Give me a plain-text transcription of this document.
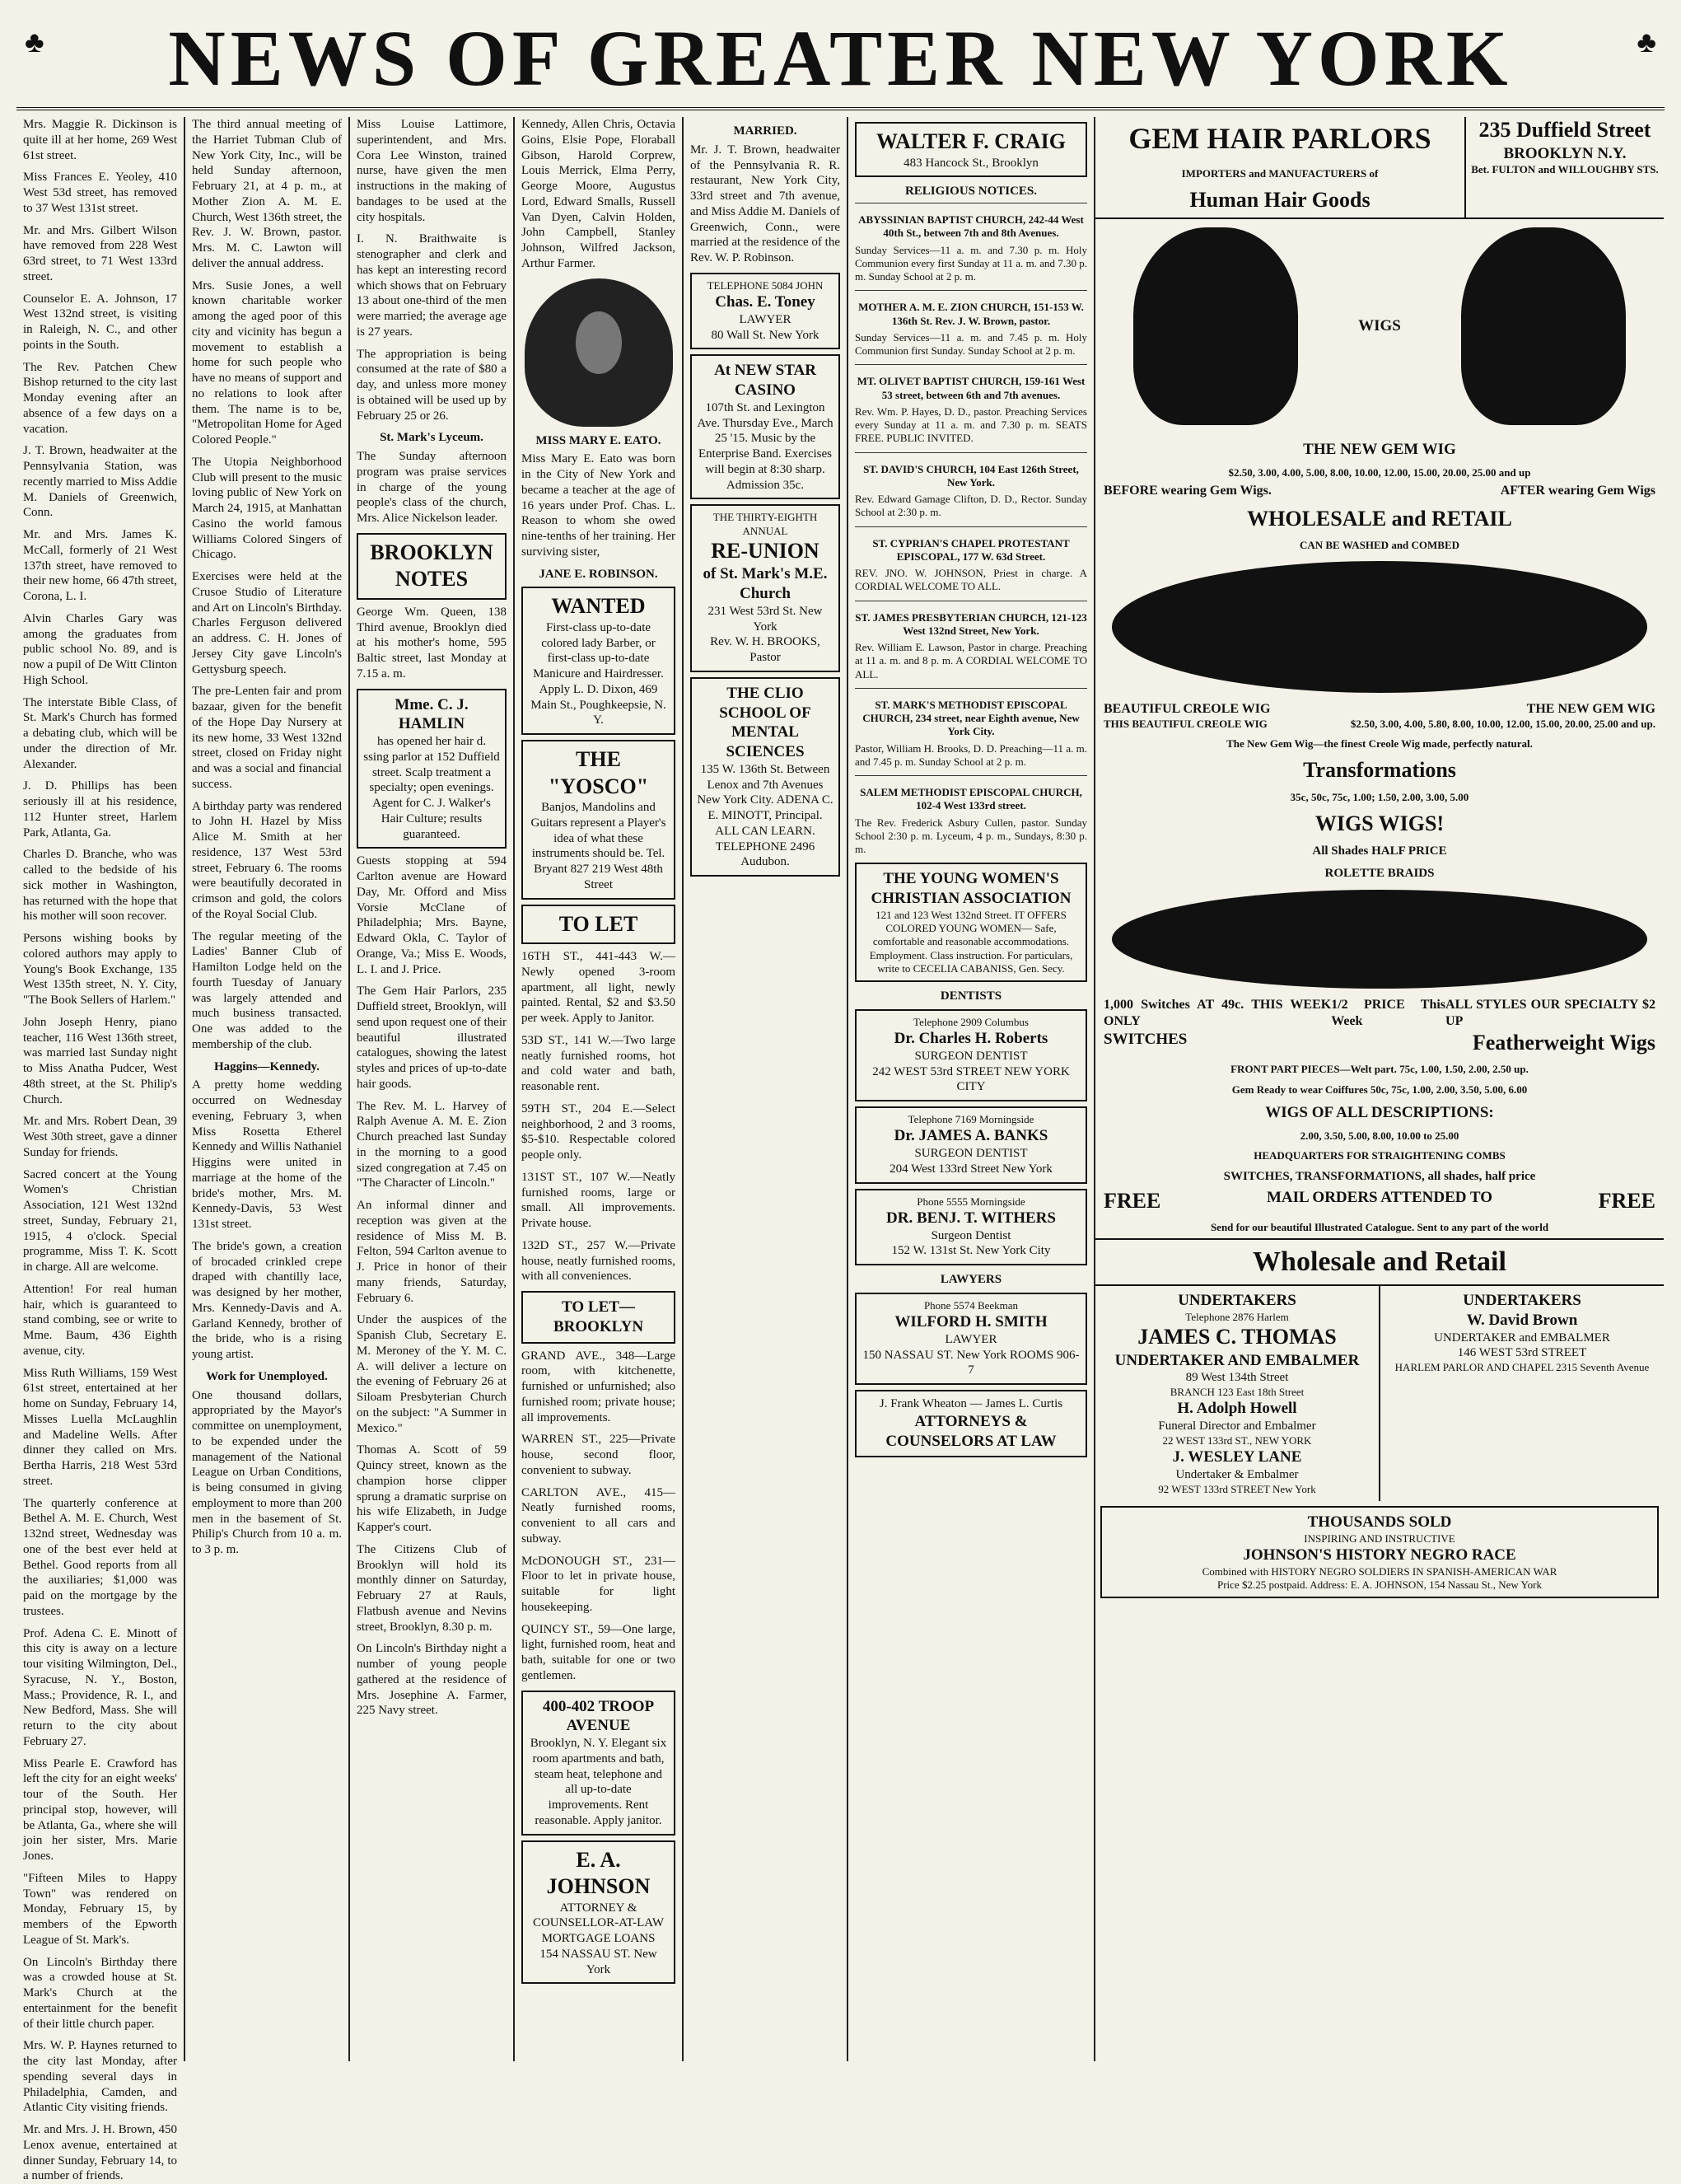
♣ NEWS OF GREATER NEW YORK	♣

Mrs. Maggie R. Dickinson is quite ill at her home, 269 West 61st street.

Miss Frances E. Yeoley, 410 West 53d street, has removed to 37 West 131st street.

Mr. and Mrs. Gilbert Wilson have removed from 228 West 63rd street, to 71 West 133rd street.

Counselor E. A. Johnson, 17 West 132nd street, is visiting in Raleigh, N. C., and other points in the South.

The Rev. Patchen Chew Bishop returned to the city last Monday evening after an absence of a few days on a vacation.

J. T. Brown, headwaiter at the Pennsylvania Station, was recently married to Miss Addie M. Daniels of Greenwich, Conn.

Mr. and Mrs. James K. McCall, formerly of 21 West 137th street, have removed to their new home, 66 47th street, Corona, L. I.

Alvin Charles Gary was among the graduates from public school No. 89, and is now a pupil of De Witt Clinton High School.

The interstate Bible Class, of St. Mark's Church has formed a debating club, which will be under the direction of Mr. Alexander.

J. D. Phillips has been seriously ill at his residence, 112 Hunter street, Harlem Park, Atlanta, Ga.

Charles D. Branche, who was called to the bedside of his sick mother in Washington, has returned with the hope that his mother will soon recover.

Persons wishing books by colored authors may apply to Young's Book Exchange, 135 West 135th street, N. Y. City, "The Book Sellers of Harlem."

John Joseph Henry, piano teacher, 116 West 136th street, was married last Sunday night to Miss Anatha Pudcer, West 48th street, at the St. Philip's Church.

Mr. and Mrs. Robert Dean, 39 West 30th street, gave a dinner Sunday for friends.

Sacred concert at the Young Women's Christian Association, 121 West 132nd street, Sunday, February 21, 1915, 4 o'clock. Special programme, Miss T. K. Scott in charge. All are welcome.

Attention! For real human hair, which is guaranteed to stand combing, see or write to Mme. Baum, 436 Eighth avenue, city.

Miss Ruth Williams, 159 West 61st street, entertained at her home on Sunday, February 14, Misses Luella McLaughlin and Madeline Wells. After dinner they called on Mrs. Bertha Harris, 218 West 53rd street.

The quarterly conference at Bethel A. M. E. Church, West 132nd street, Wednesday was one of the best ever held at Bethel. Good reports from all the auxiliaries; $1,000 was paid on the mortgage by the trustees.

Prof. Adena C. E. Minott of this city is away on a lecture tour visiting Wilmington, Del., Syracuse, N. Y., Boston, Mass.; Providence, R. I., and New Bedford, Mass. She will return to the city about February 27.

Miss Pearle E. Crawford has left the city for an eight weeks' tour of the South. Her principal stop, however, will be Atlanta, Ga., where she will join her sister, Mrs. Marie Jones.

"Fifteen Miles to Happy Town" was rendered on Monday, February 15, by members of the Epworth League of St. Mark's.

On Lincoln's Birthday there was a crowded house at St. Mark's Church at the entertainment for the benefit of their little church paper.

Mrs. W. P. Haynes returned to the city last Monday, after spending several days in Philadelphia, Camden, and Atlantic City visiting friends.

Mr. and Mrs. J. H. Brown, 450 Lenox avenue, entertained at dinner Sunday, February 14, to a number of friends.

The third annual meeting of the Harriet Tubman Club of New York City, Inc., will be held Sunday afternoon, February 21, at 4 p. m., at Mother Zion A. M. E. Church, West 136th street, the Rev. J. W. Brown, pastor. Mrs. M. C. Lawton will deliver the annual address.

Mrs. Susie Jones, a well known charitable worker among the aged poor of this city and vicinity has begun a movement to establish a home for such people who have no means of support and no relations to look after them. The name is to be, "Metropolitan Home for Aged Colored People."

The Utopia Neighborhood Club will present to the music loving public of New York on March 24, 1915, at Manhattan Casino the world famous Williams Colored Singers of Chicago.

Exercises were held at the Crusoe Studio of Literature and Art on Lincoln's Birthday. Charles Ferguson delivered an address. C. H. Jones of Jersey City gave Lincoln's Gettysburg speech.

The pre-Lenten fair and prom bazaar, given for the benefit of the Hope Day Nursery at its new home, 33 West 132nd street, closed on Friday night and was a social and financial success.

A birthday party was rendered to John H. Hazel by Miss Alice M. Smith at her residence, 137 West 53rd street, February 6. The rooms were beautifully decorated in crimson and gold, the colors of the Royal Social Club.

The regular meeting of the Ladies' Banner Club of Hamilton Lodge held on the fourth Tuesday of January was largely attended and much business transacted. One was added to the membership of the club.

Haggins—Kennedy.

A pretty home wedding occurred on Wednesday evening, February 3, when Miss Rosetta Etherel Kennedy and Willis Nathaniel Higgins were united in marriage at the home of the bride's mother, Mrs. M. Kennedy-Davis, 53 West 131st street.

The bride's gown, a creation of brocaded crinkled crepe draped with chantilly lace, was designed by her mother, Mrs. Kennedy-Davis and A. Garland Kennedy, brother of the bride, who is a rising young artist.

Work for Unemployed.

One thousand dollars, appropriated by the Mayor's committee on unemployment, to be expended under the management of the National League on Urban Conditions, is being consumed in giving employment to more than 200 men in the basement of St. Philip's Church from 10 a. m. to 3 p. m.

Miss Louise Lattimore, superintendent, and Mrs. Cora Lee Winston, trained nurse, have given the men instructions in the making of bandages to be used at the city hospitals.

I. N. Braithwaite is stenographer and clerk and has kept an interesting record which shows that on February 13 about one-third of the men were married; the average age is 27 years.

The appropriation is being consumed at the rate of $80 a day, and unless more money is obtained will be used up by February 25 or 26.

St. Mark's Lyceum.

The Sunday afternoon program was praise services in charge of the young people's class of the church, Mrs. Alice Nickelson leader.

BROOKLYN NOTES

George Wm. Queen, 138 Third avenue, Brooklyn died at his mother's home, 595 Baltic street, last Monday at 7.15 a. m.

Mme. C. J. HAMLIN
has opened her hair d. ssing parlor at 152 Duffield street. Scalp treatment a specialty; open evenings. Agent for C. J. Walker's Hair Culture; results guaranteed.

Guests stopping at 594 Carlton avenue are Howard Day, Mr. Offord and Miss Vorsie McClane of Philadelphia; Mrs. Bayne, Edward Okla, C. Taylor of Orange, Va.; Miss E. Woods, L. I. and J. Price.

The Gem Hair Parlors, 235 Duffield street, Brooklyn, will send upon request one of their beautiful illustrated catalogues, showing the latest styles and prices of up-to-date hair goods.

The Rev. M. L. Harvey of Ralph Avenue A. M. E. Zion Church preached last Sunday in the morning to a good sized congregation at 7.45 on "The Character of Lincoln."

An informal dinner and reception was given at the residence of Miss M. B. Felton, 594 Carlton avenue to J. Price in honor of their many friends, Saturday, February 6.

Under the auspices of the Spanish Club, Secretary E. M. Meroney of the Y. M. C. A. will deliver a lecture on the evening of February 26 at Siloam Presbyterian Church on the subject: "A Summer in Mexico."

Thomas A. Scott of 59 Quincy street, known as the champion horse clipper sprung a dramatic surprise on his wife Elizabeth, in Judge Kapper's court.

The Citizens Club of Brooklyn will hold its monthly dinner on Saturday, February 27 at Rauls, Flatbush avenue and Nevins street, Brooklyn, 8.30 p. m.

On Lincoln's Birthday night a number of young people gathered at the residence of Mrs. Josephine A. Farmer, 225 Navy street.

Kennedy, Allen Chris, Octavia Goins, Elsie Pope, Floraball Gibson, Harold Corprew, Louis Merrick, Elma Perry, George Moore, Augustus Lord, Edward Smalls, Russell Van Dyen, Calvin Holden, John Campbell, Stanley Johnson, Wilfred Jackson, Arthur Farmer.

MISS MARY E. EATO.

Miss Mary E. Eato was born in the City of New York and became a teacher at the age of 16 years under Prof. Chas. L. Reason to whom she owed nine-tenths of her training. Her surviving sister,

JANE E. ROBINSON.
WANTED
First-class up-to-date colored lady Barber, or first-class up-to-date Manicure and Hairdresser. Apply L. D. Dixon, 469 Main St., Poughkeepsie, N. Y.
THE "YOSCO"
Banjos, Mandolins and Guitars represent a Player's idea of what these instruments should be. Tel. Bryant 827 219 West 48th Street
TO LET

16TH ST., 441-443 W.—Newly opened 3-room apartment, all light, newly painted. Rental, $2 and $3.50 per week. Apply to Janitor.

53D ST., 141 W.—Two large neatly furnished rooms, hot and cold water and bath, reasonable rent.

59TH ST., 204 E.—Select neighborhood, 2 and 3 rooms, $5-$10. Respectable colored people only.

131ST ST., 107 W.—Neatly furnished rooms, large or small. All improvements. Private house.

132D ST., 257 W.—Private house, neatly furnished rooms, with all conveniences.

TO LET—BROOKLYN

GRAND AVE., 348—Large room, with kitchenette, furnished or unfurnished; also furnished room; private house; all improvements.

WARREN ST., 225—Private house, second floor, convenient to subway.

CARLTON AVE., 415—Neatly furnished rooms, convenient to all cars and subway.

McDONOUGH ST., 231—Floor to let in private house, suitable for light housekeeping.

QUINCY ST., 59—One large, light, furnished room, heat and bath, suitable for one or two gentlemen.

400-402 TROOP AVENUE
Brooklyn, N. Y. Elegant six room apartments and bath, steam heat, telephone and all up-to-date improvements. Rent reasonable. Apply janitor.
E. A. JOHNSON
ATTORNEY & COUNSELLOR-AT-LAW
MORTGAGE LOANS
154 NASSAU ST. New York
MARRIED.

Mr. J. T. Brown, headwaiter of the Pennsylvania R. R. restaurant, New York City, 33rd street and 7th avenue, and Miss Addie M. Daniels of Greenwich, Conn., were married at the residence of the Rev. W. P. Robinson.

TELEPHONE 5084 JOHN
Chas. E. Toney
LAWYER
80 Wall St. New York
At NEW STAR CASINO
107th St. and Lexington Ave. Thursday Eve., March 25 '15. Music by the Enterprise Band. Exercises will begin at 8:30 sharp. Admission 35c.
THE THIRTY-EIGHTH ANNUAL
RE-UNION
of St. Mark's M.E. Church
231 West 53rd St. New York
Rev. W. H. BROOKS, Pastor
THE CLIO SCHOOL OF MENTAL SCIENCES
135 W. 136th St. Between Lenox and 7th Avenues New York City. ADENA C. E. MINOTT, Principal. ALL CAN LEARN. TELEPHONE 2496 Audubon.
WALTER F. CRAIG
483 Hancock St., Brooklyn
RELIGIOUS NOTICES.
ABYSSINIAN BAPTIST CHURCH, 242-44 West 40th St., between 7th and 8th Avenues.

Sunday Services—11 a. m. and 7.30 p. m. Holy Communion every first Sunday at 11 a. m. and 7.30 p. m. Sunday School at 2 p. m.

MOTHER A. M. E. ZION CHURCH, 151-153 W. 136th St. Rev. J. W. Brown, pastor.

Sunday Services—11 a. m. and 7.45 p. m. Holy Communion first Sunday. Sunday School at 2 p. m.

MT. OLIVET BAPTIST CHURCH, 159-161 West 53 street, between 6th and 7th avenues.

Rev. Wm. P. Hayes, D. D., pastor. Preaching Services every Sunday at 11 a. m. and 7.30 p. m. SEATS FREE. PUBLIC INVITED.

ST. DAVID'S CHURCH, 104 East 126th Street, New York.

Rev. Edward Gamage Clifton, D. D., Rector. Sunday School at 2:30 p. m.

ST. CYPRIAN'S CHAPEL PROTESTANT EPISCOPAL, 177 W. 63d Street.

REV. JNO. W. JOHNSON, Priest in charge. A CORDIAL WELCOME TO ALL.

ST. JAMES PRESBYTERIAN CHURCH, 121-123 West 132nd Street, New York.

Rev. William E. Lawson, Pastor in charge. Preaching at 11 a. m. and 8 p. m. A CORDIAL WELCOME TO ALL.

ST. MARK'S METHODIST EPISCOPAL CHURCH, 234 street, near Eighth avenue, New York City.

Pastor, William H. Brooks, D. D. Preaching—11 a. m. and 7.45 p. m. Sunday School at 2 p. m.

SALEM METHODIST EPISCOPAL CHURCH, 102-4 West 133rd street.

The Rev. Frederick Asbury Cullen, pastor. Sunday School 2:30 p. m. Lyceum, 4 p. m., Sundays, 8:30 p. m.

THE YOUNG WOMEN'S CHRISTIAN ASSOCIATION
121 and 123 West 132nd Street. IT OFFERS COLORED YOUNG WOMEN— Safe, comfortable and reasonable accommodations. Employment. Class instruction. For particulars, write to CECELIA CABANISS, Gen. Secy.
DENTISTS
Telephone 2909 Columbus
Dr. Charles H. Roberts
SURGEON DENTIST
242 WEST 53rd STREET NEW YORK CITY
Telephone 7169 Morningside
Dr. JAMES A. BANKS
SURGEON DENTIST
204 West 133rd Street New York
Phone 5555 Morningside
DR. BENJ. T. WITHERS
Surgeon Dentist
152 W. 131st St. New York City
LAWYERS
Phone 5574 Beekman
WILFORD H. SMITH
LAWYER
150 NASSAU ST. New York ROOMS 906-7
J. Frank Wheaton — James L. Curtis
ATTORNEYS & COUNSELORS AT LAW
GEM HAIR PARLORS
IMPORTERS and MANUFACTURERS of
Human Hair Goods
235 Duffield Street
BROOKLYN N.Y.
Bet. FULTON and WILLOUGHBY STS.
WIGS
THE NEW GEM WIG
$2.50, 3.00, 4.00, 5.00, 8.00, 10.00, 12.00, 15.00, 20.00, 25.00 and up
BEFORE wearing Gem Wigs.	AFTER wearing Gem Wigs
WHOLESALE and RETAIL
CAN BE WASHED and COMBED
BEAUTIFUL CREOLE WIG	THE NEW GEM WIG
THIS BEAUTIFUL CREOLE WIG	$2.50, 3.00, 4.00, 5.80, 8.00, 10.00, 12.00, 15.00, 20.00, 25.00 and up.
The New Gem Wig—the finest Creole Wig made, perfectly natural.
Transformations
35c, 50c, 75c, 1.00; 1.50, 2.00, 3.00, 5.00
WIGS WIGS!
All Shades HALF PRICE
ROLETTE BRAIDS
1,000 Switches AT 49c. THIS WEEK ONLY
1/2 PRICE This Week
ALL STYLES OUR SPECIALTY $2 UP
SWITCHES	Featherweight Wigs
FRONT PART PIECES—Welt part. 75c, 1.00, 1.50, 2.00, 2.50 up.
Gem Ready to wear Coiffures 50c, 75c, 1.00, 2.00, 3.50, 5.00, 6.00
WIGS OF ALL DESCRIPTIONS:
2.00, 3.50, 5.00, 8.00, 10.00 to 25.00
HEADQUARTERS FOR STRAIGHTENING COMBS
SWITCHES, TRANSFORMATIONS, all shades, half price
FREE	MAIL ORDERS ATTENDED TO	FREE
Send for our beautiful Illustrated Catalogue. Sent to any part of the world
Wholesale and Retail
UNDERTAKERS
Telephone 2876 Harlem
JAMES C. THOMAS
UNDERTAKER AND EMBALMER
89 West 134th Street
BRANCH 123 East 18th Street
H. Adolph Howell
Funeral Director and Embalmer
22 WEST 133rd ST., NEW YORK
J. WESLEY LANE
Undertaker & Embalmer
92 WEST 133rd STREET New York
UNDERTAKERS
W. David Brown
UNDERTAKER and EMBALMER
146 WEST 53rd STREET
HARLEM PARLOR AND CHAPEL 2315 Seventh Avenue
THOUSANDS SOLD
INSPIRING AND INSTRUCTIVE
JOHNSON'S HISTORY NEGRO RACE
Combined with HISTORY NEGRO SOLDIERS IN SPANISH-AMERICAN WAR
Price $2.25 postpaid. Address: E. A. JOHNSON, 154 Nassau St., New York
